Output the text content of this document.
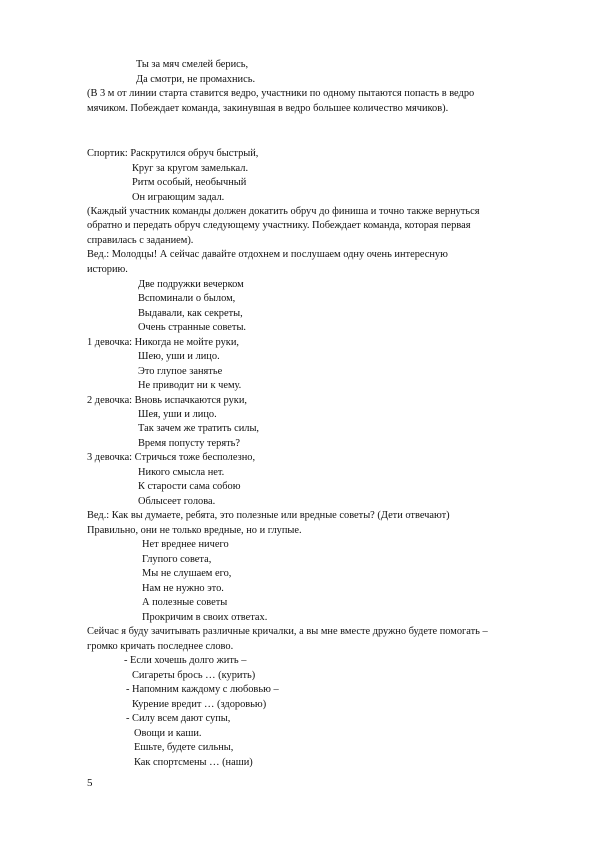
Ты за мяч смелей берись,
Да смотри, не промахнись.
(В 3 м от линии старта ставится ведро, участники по одному пытаются попасть в ведро
мячиком. Побеждает команда, закинувшая в ведро большее количество мячиков).
Спортик: Раскрутился обруч быстрый,
Круг за кругом замелькал.
Ритм особый, необычный
Он играющим задал.
(Каждый участник команды должен докатить обруч до финиша и точно также вернуться
обратно и передать обруч следующему участнику. Побеждает команда, которая первая
справилась с заданием).
Вед.: Молодцы! А сейчас давайте отдохнем и послушаем одну очень интересную
историю.
Две подружки вечерком
Вспоминали о былом,
Выдавали, как секреты,
Очень странные советы.
1 девочка: Никогда не мойте руки,
Шею, уши и лицо.
Это глупое занятье
Не приводит ни к чему.
2 девочка: Вновь испачкаются руки,
Шея, уши и лицо.
Так зачем же тратить силы,
Время попусту терять?
3 девочка: Стричься тоже бесполезно,
Никого смысла нет.
К старости сама собою
Облысеет голова.
Вед.: Как вы думаете, ребята, это полезные или вредные советы? (Дети отвечают)
Правильно, они не только вредные, но и глупые.
Нет вреднее ничего
Глупого совета,
Мы не слушаем его,
Нам не нужно это.
А полезные советы
Прокричим в своих ответах.
Сейчас я буду зачитывать различные кричалки, а вы мне вместе дружно будете помогать –
громко кричать последнее слово.
- Если хочешь долго жить –
Сигареты брось … (курить)
- Напомним каждому с любовью –
Курение вредит … (здоровью)
- Силу всем дают супы,
Овощи и каши.
Ешьте, будете сильны,
Как спортсмены … (наши)
5
